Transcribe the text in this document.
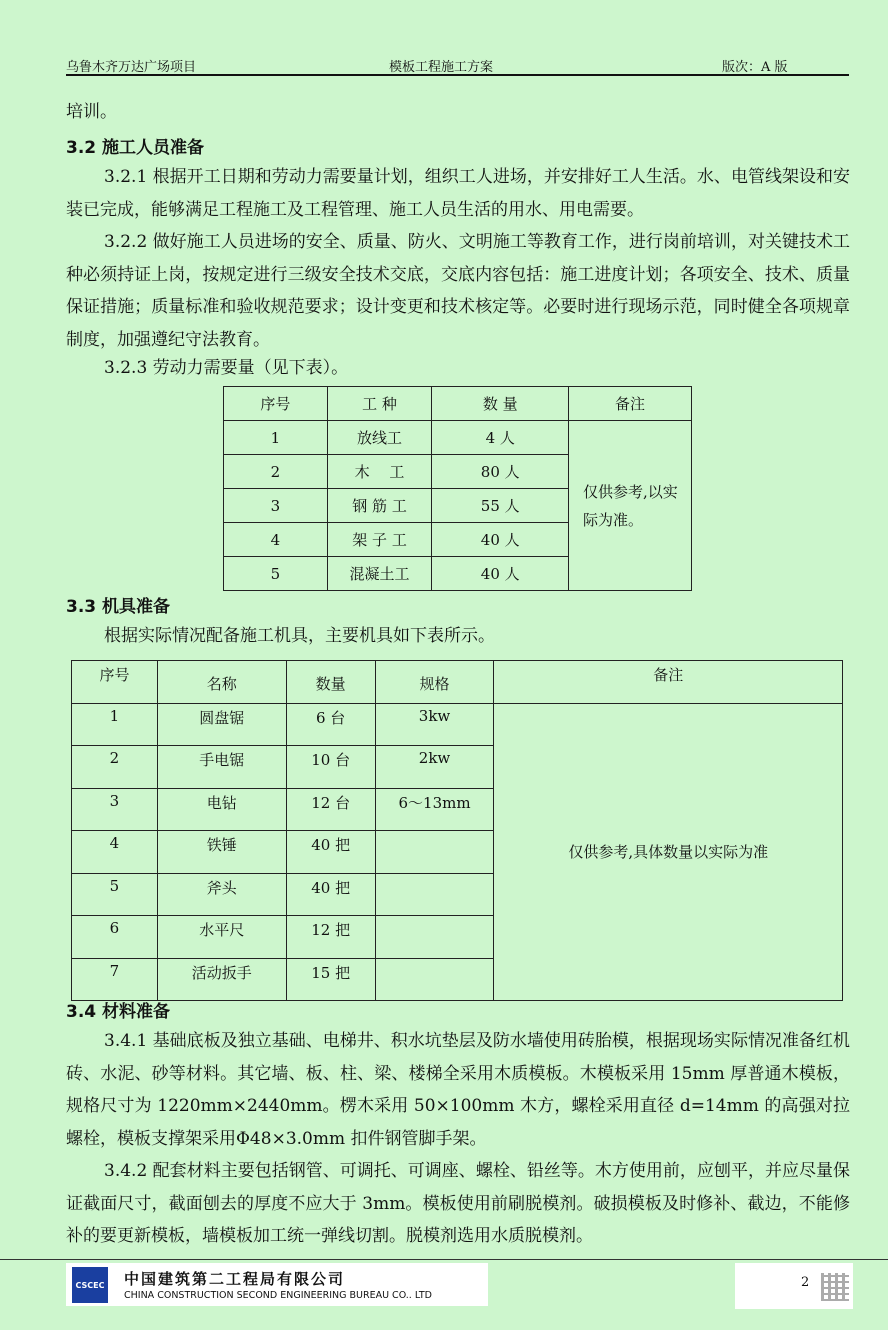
乌鲁木齐万达广场项目	模板工程施工方案	版次：A 版

培训。

3.2 施工人员准备

3.2.1 根据开工日期和劳动力需要量计划，组织工人进场，并安排好工人生活。水、电管线架设和安装已完成，能够满足工程施工及工程管理、施工人员生活的用水、用电需要。

3.2.2 做好施工人员进场的安全、质量、防火、文明施工等教育工作，进行岗前培训，对关键技术工种必须持证上岗，按规定进行三级安全技术交底，交底内容包括：施工进度计划；各项安全、技术、质量保证措施；质量标准和验收规范要求；设计变更和技术核定等。必要时进行现场示范，同时健全各项规章制度，加强遵纪守法教育。

3.2.3 劳动力需要量（见下表）。

序号	工 种	数 量	备注
1	放线工	4 人	仅供参考,以实际为准。

2	木　 工	80 人	
3	钢 筋 工	55 人	
4	架 子 工	40 人	
5	混凝土工	40 人	
3.3 机具准备

根据实际情况配备施工机具，主要机具如下表所示。

序号	名称	数量	规格	备注
1	圆盘锯	6 台	3kw	仅供参考,具体数量以实际为准
2	手电锯	10 台	2kw	
3	电钻	12 台	6～13mm	
4	铁锤	40 把		
5	斧头	40 把		
6	水平尺	12 把		
7	活动扳手	15 把		
3.4 材料准备

3.4.1 基础底板及独立基础、电梯井、积水坑垫层及防水墙使用砖胎模，根据现场实际情况准备红机砖、水泥、砂等材料。其它墙、板、柱、梁、楼梯全采用木质模板。木模板采用 15mm 厚普通木模板，规格尺寸为 1220mm×2440mm。楞木采用 50×100mm 木方，螺栓采用直径 d=14mm 的高强对拉螺栓，模板支撑架采用Φ48×3.0mm 扣件钢管脚手架。

3.4.2 配套材料主要包括钢管、可调托、可调座、螺栓、铅丝等。木方使用前，应刨平，并应尽量保证截面尺寸，截面刨去的厚度不应大于 3mm。模板使用前刷脱模剂。破损模板及时修补、截边，不能修补的要更新模板，墙模板加工统一弹线切割。脱模剂选用水质脱模剂。

CSCEC 中国建筑第二工程局有限公司
CHINA CONSTRUCTION SECOND ENGINEERING BUREAU CO.. LTD
2
